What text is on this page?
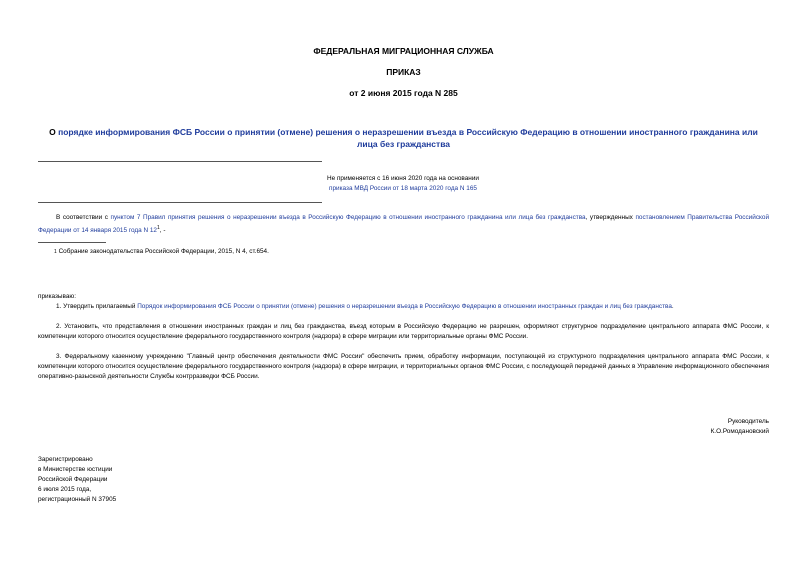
ФЕДЕРАЛЬНАЯ МИГРАЦИОННАЯ СЛУЖБА
ПРИКАЗ
от 2 июня 2015 года N 285
О порядке информирования ФСБ России о принятии (отмене) решения о неразрешении въезда в Российскую Федерацию в отношении иностранного гражданина или лица без гражданства
Не применяется с 16 июня 2020 года на основании
приказа МВД России от 18 марта 2020 года N 165
В соответствии с пунктом 7 Правил принятия решения о неразрешении въезда в Российскую Федерацию в отношении иностранного гражданина или лица без гражданства, утвержденных постановлением Правительства Российской Федерации от 14 января 2015 года N $12^1$, -
1 Собрание законодательства Российской Федерации, 2015, N 4, ст.654.
приказываю:
1. Утвердить прилагаемый Порядок информирования ФСБ России о принятии (отмене) решения о неразрешении въезда в Российскую Федерацию в отношении иностранных граждан и лиц без гражданства.
2. Установить, что представления в отношении иностранных граждан и лиц без гражданства, въезд которым в Российскую Федерацию не разрешен, оформляют структурное подразделение центрального аппарата ФМС России, к компетенции которого относится осуществление федерального государственного контроля (надзора) в сфере миграции или территориальные органы ФМС России.
3. Федеральному казенному учреждению "Главный центр обеспечения деятельности ФМС России" обеспечить прием, обработку информации, поступающей из структурного подразделения центрального аппарата ФМС России, к компетенции которого относится осуществление федерального государственного контроля (надзора) в сфере миграции, и территориальных органов ФМС России, с последующей передачей данных в Управление информационного обеспечения оперативно-разыскной деятельности Службы контрразведки ФСБ России.
Руководитель
К.О.Ромодановский
Зарегистрировано
в Министерстве юстиции
Российской Федерации
6 июля 2015 года,
регистрационный N 37905
